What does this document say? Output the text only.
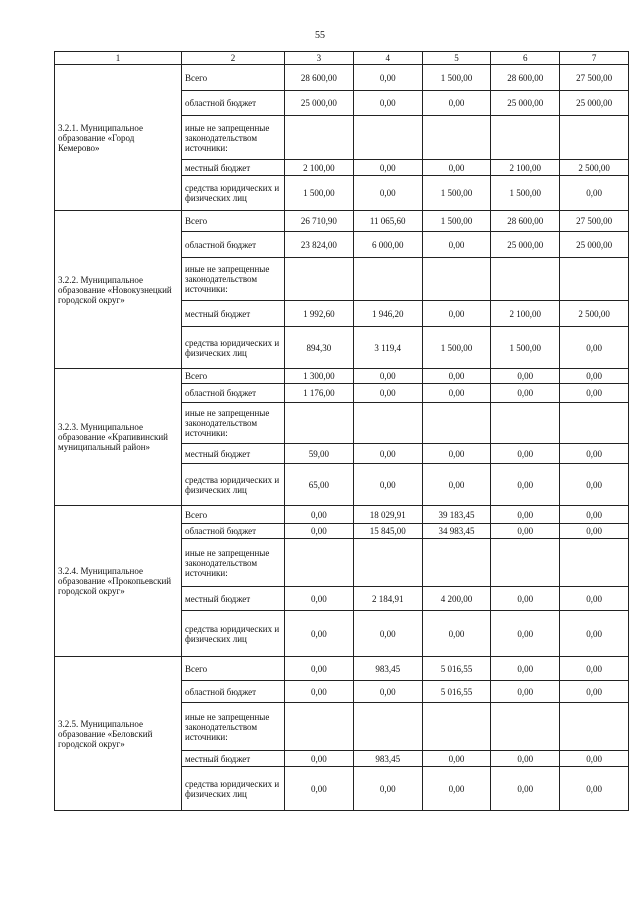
55
1	2	3	4	5	6	7
3.2.1. Муниципальное образование «Город Кемерово»	Всего	28 600,00	0,00	1 500,00	28 600,00	27 500,00
	областной бюджет	25 000,00	0,00	0,00	25 000,00	25 000,00
	иные не запрещенные законодательством источники:					
	местный бюджет	2 100,00	0,00	0,00	2 100,00	2 500,00
	средства юридических и физических лиц	1 500,00	0,00	1 500,00	1 500,00	0,00
3.2.2. Муниципальное образование «Новокузнецкий городской округ»	Всего	26 710,90	11 065,60	1 500,00	28 600,00	27 500,00
	областной бюджет	23 824,00	6 000,00	0,00	25 000,00	25 000,00
	иные не запрещенные законодательством источники:					
	местный бюджет	1 992,60	1 946,20	0,00	2 100,00	2 500,00
	средства юридических и физических лиц	894,30	3 119,4	1 500,00	1 500,00	0,00
3.2.3. Муниципальное образование «Крапивинский муниципальный район»	Всего	1 300,00	0,00	0,00	0,00	0,00
	областной бюджет	1 176,00	0,00	0,00	0,00	0,00
	иные не запрещенные законодательством источники:					
	местный бюджет	59,00	0,00	0,00	0,00	0,00
	средства юридических и физических лиц	65,00	0,00	0,00	0,00	0,00
3.2.4. Муниципальное образование «Прокопьевский городской округ»	Всего	0,00	18 029,91	39 183,45	0,00	0,00
	областной бюджет	0,00	15 845,00	34 983,45	0,00	0,00
	иные не запрещенные законодательством источники:					
	местный бюджет	0,00	2 184,91	4 200,00	0,00	0,00
	средства юридических и физических лиц	0,00	0,00	0,00	0,00	0,00
3.2.5. Муниципальное образование «Беловский городской округ»	Всего	0,00	983,45	5 016,55	0,00	0,00
	областной бюджет	0,00	0,00	5 016,55	0,00	0,00
	иные не запрещенные законодательством источники:					
	местный бюджет	0,00	983,45	0,00	0,00	0,00
	средства юридических и физических лиц	0,00	0,00	0,00	0,00	0,00
